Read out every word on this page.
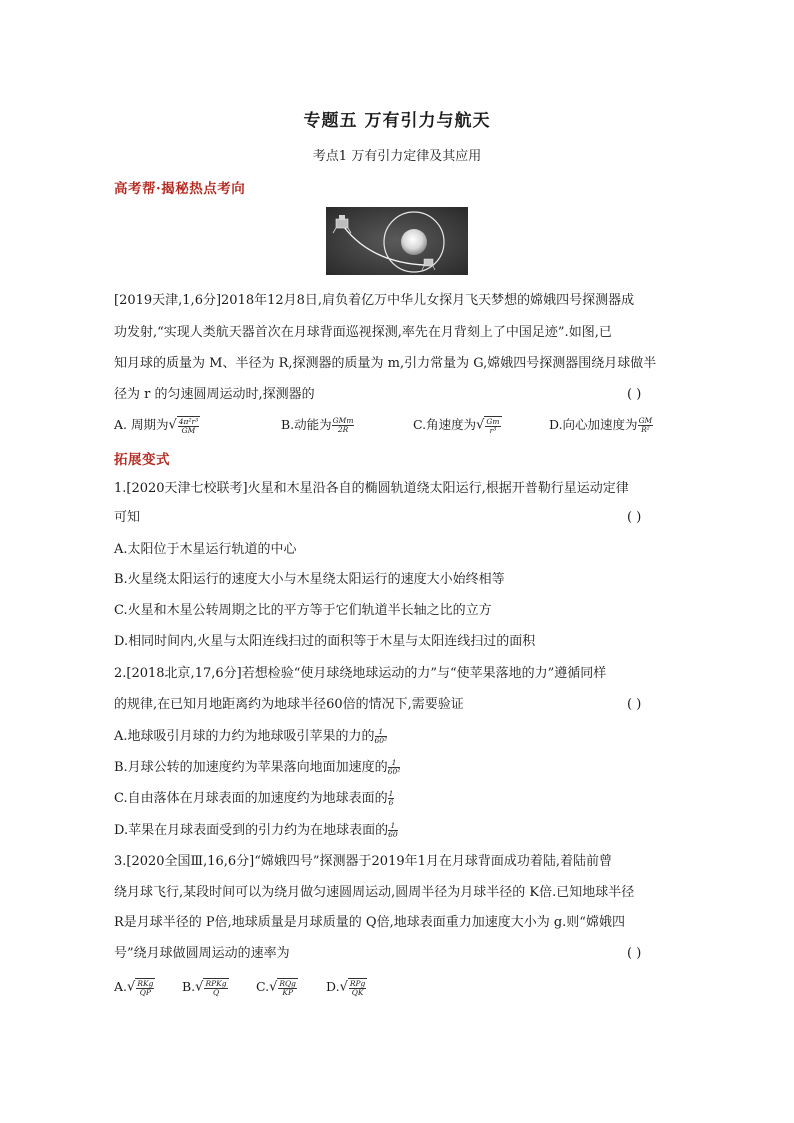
专题五 万有引力与航天
考点1 万有引力定律及其应用
高考帮·揭秘热点考向
[2019天津,1,6分]2018年12月8日,肩负着亿万中华儿女探月飞天梦想的嫦娥四号探测器成
功发射,“实现人类航天器首次在月球背面巡视探测,率先在月背刻上了中国足迹”.如图,已
知月球的质量为 M、半径为 R,探测器的质量为 m,引力常量为 G,嫦娥四号探测器围绕月球做半
径为 r 的匀速圆周运动时,探测器的	( )
A. 周期为√ $\frac{\text{4π²r³}}{GM}$	B.动能为 $\frac{\text{GMm}}{2R}$	C.角速度为√ $\frac{Gm}{\text{r³}}$	D.向心加速度为 $\frac{GM}{\text{R²}}$
拓展变式
1.[2020天津七校联考]火星和木星沿各自的椭圆轨道绕太阳运行,根据开普勒行星运动定律
可知	( )
A.太阳位于木星运行轨道的中心
B.火星绕太阳运行的速度大小与木星绕太阳运行的速度大小始终相等
C.火星和木星公转周期之比的平方等于它们轨道半长轴之比的立方
D.相同时间内,火星与太阳连线扫过的面积等于木星与太阳连线扫过的面积
2.[2018北京,17,6分]若想检验“使月球绕地球运动的力”与“使苹果落地的力”遵循同样
的规律,在已知月地距离约为地球半径60倍的情况下,需要验证	( )
A.地球吸引月球的力约为地球吸引苹果的力的 $\frac{1}{\text{60²}}$
B.月球公转的加速度约为苹果落向地面加速度的 $\frac{1}{\text{60²}}$
C.自由落体在月球表面的加速度约为地球表面的 $\frac{1}{6}$
D.苹果在月球表面受到的引力约为在地球表面的 $\frac{1}{60}$
3.[2020全国Ⅲ,16,6分]“嫦娥四号”探测器于2019年1月在月球背面成功着陆,着陆前曾
绕月球飞行,某段时间可以为绕月做匀速圆周运动,圆周半径为月球半径的 K倍.已知地球半径
R是月球半径的 P倍,地球质量是月球质量的 Q倍,地球表面重力加速度大小为 g.则“嫦娥四
号”绕月球做圆周运动的速率为	( )
$A.√ \frac{\text{RKg}}{QP} B.√ \frac{\text{RPKg}}{Q} C.√ \frac{\text{RQg}}{KP} D.√ \frac{\text{RPg}}{QK}$
